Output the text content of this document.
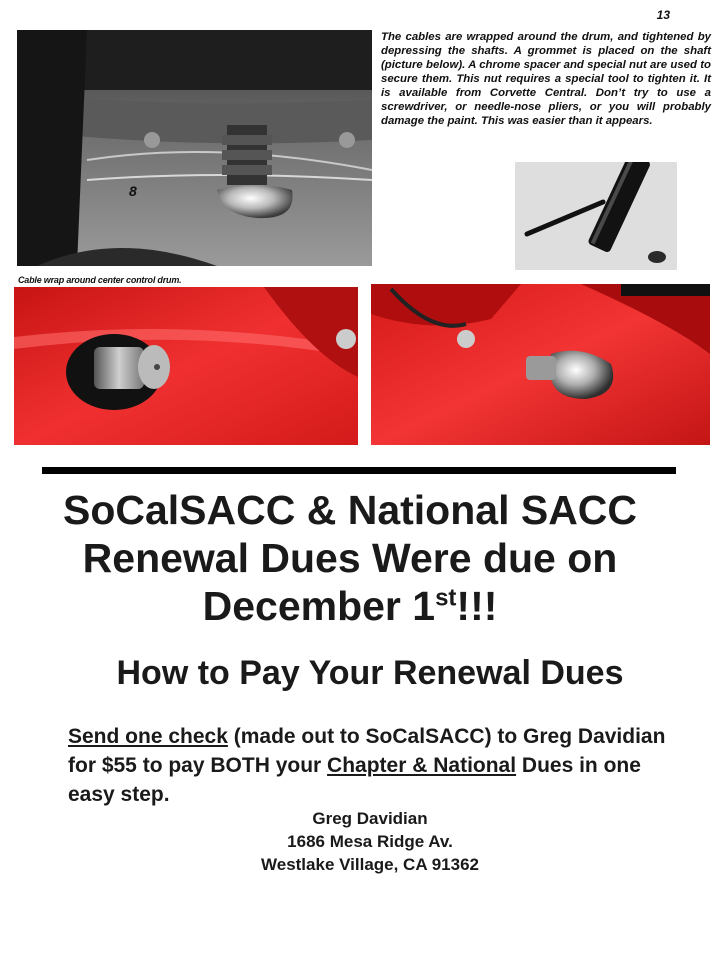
13
8
The cables are wrapped around the drum, and tightened by depressing the shafts. A grommet is placed on the shaft (picture below). A chrome spacer and special nut are used to secure them. This nut requires a special tool to tighten it. It is available from Corvette Central. Don’t try to use a screwdriver, or needle-nose pliers, or you will probably damage the paint. This was easier than it appears.
Cable wrap around center control drum.
SoCalSACC & National SACC
Renewal Dues Were due on
December 1st!!!
How to Pay Your Renewal Dues
Send one check (made out to SoCalSACC) to Greg Davidian for $55 to pay BOTH your Chapter & National Dues in one easy step.
Greg Davidian
1686 Mesa Ridge Av.
Westlake Village, CA 91362
